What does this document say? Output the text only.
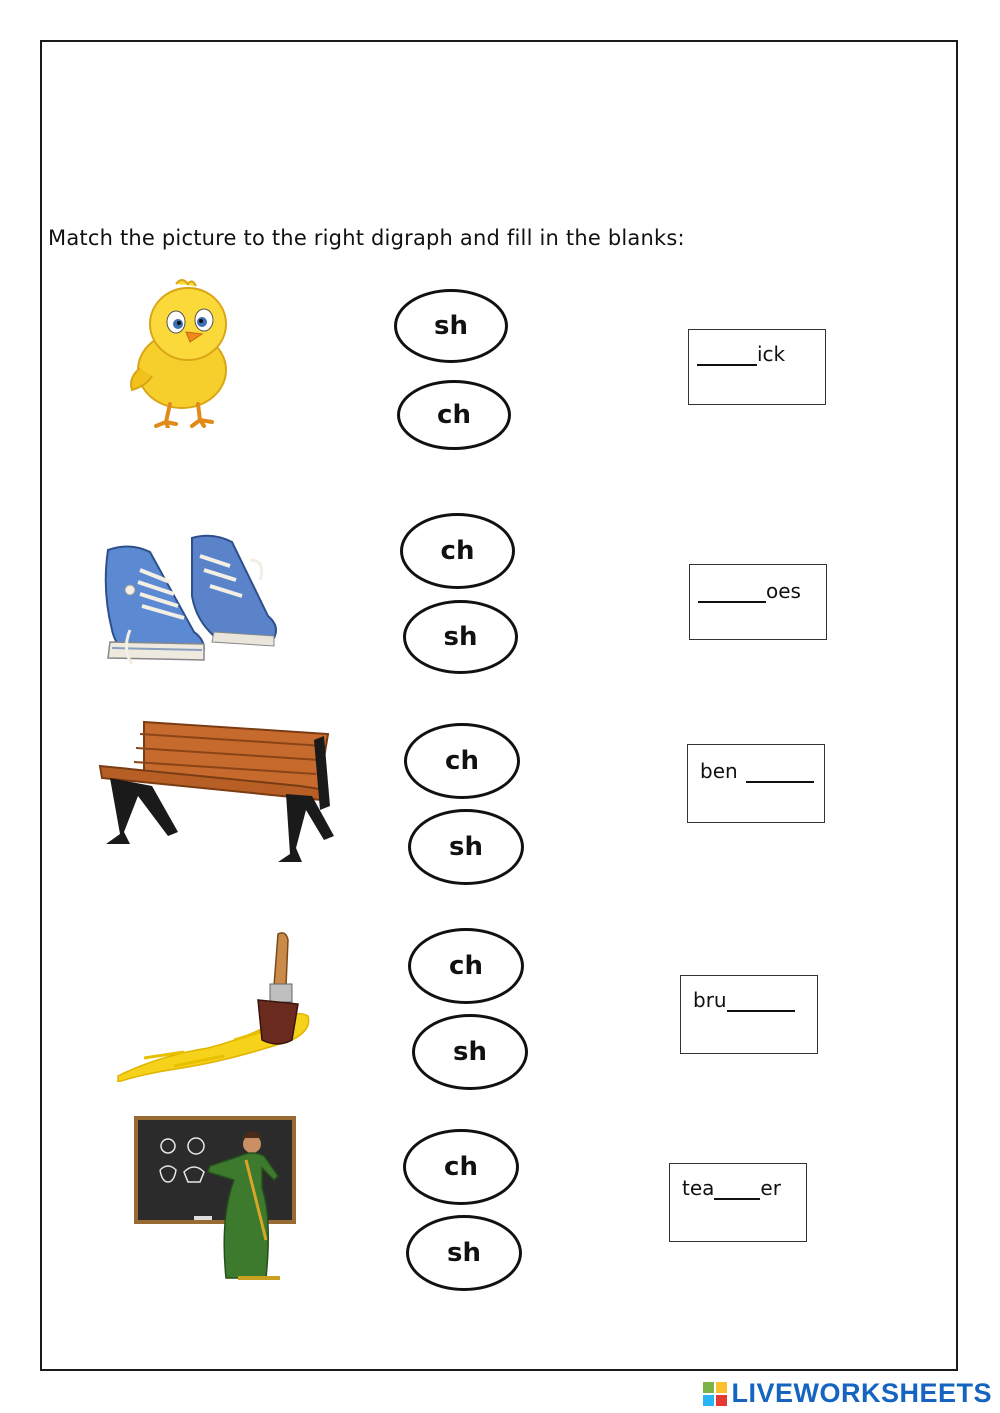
Match the picture to the right digraph and fill in the blanks:
sh
ch
ick
ch
sh
oes
ch
sh
ben
ch
sh
bru
ch
sh
tea er
LIVEWORKSHEETS
